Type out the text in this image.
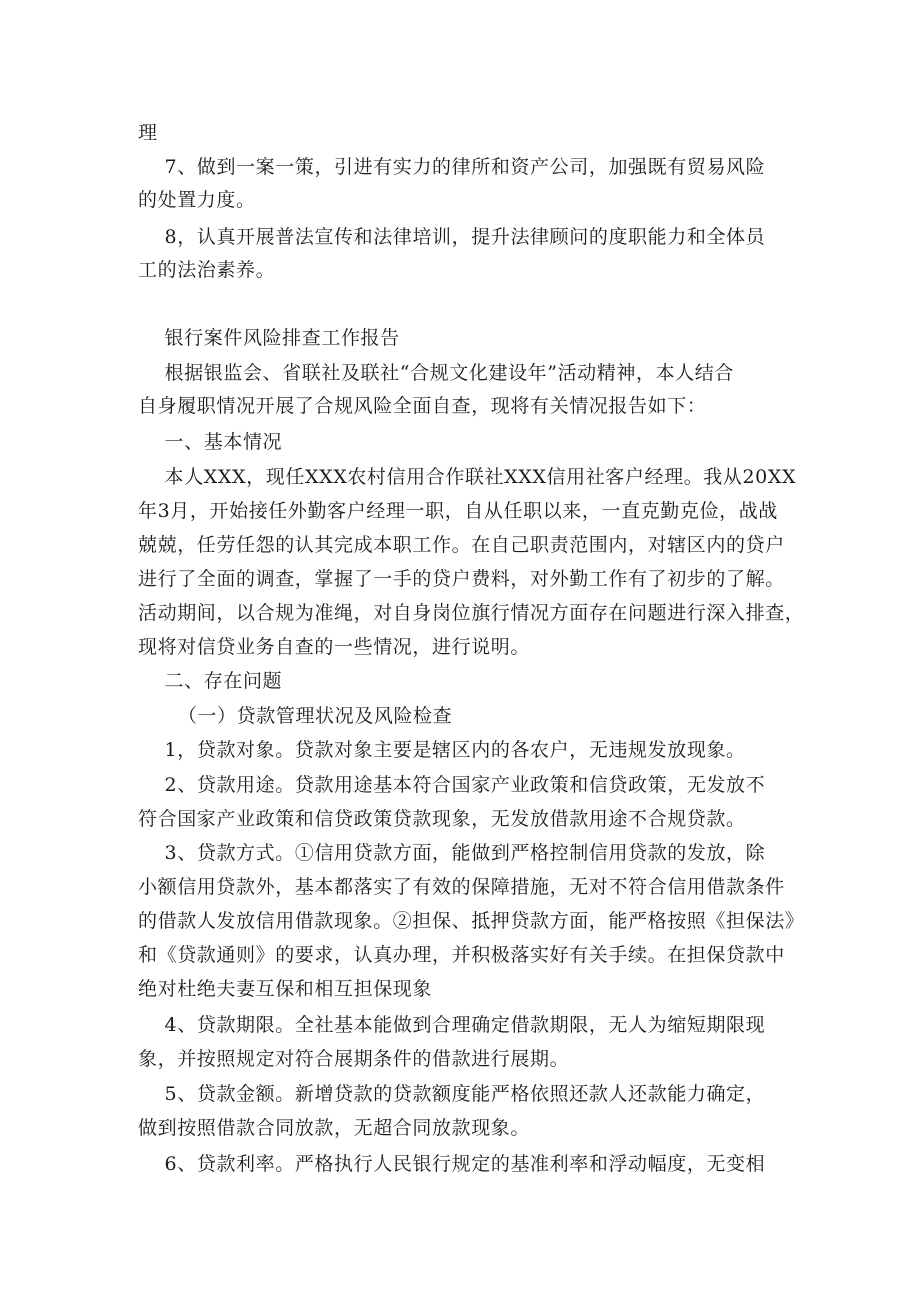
理
7、做到一案一策，引进有实力的律所和资产公司，加强既有贸易风险
的处置力度。
8，认真开展普法宣传和法律培训，提升法律顾问的度职能力和全体员
工的法治素养。
银行案件风险排查工作报告
根据银监会、省联社及联社“合规文化建设年”活动精神，本人结合
自身履职情况开展了合规风险全面自查，现将有关情况报告如下：
一、基本情况
本人XXX，现任XXX农村信用合作联社XXX信用社客户经理。我从20XX
年3月，开始接任外勤客户经理一职，自从任职以来，一直克勤克俭，战战
兢兢，任劳任怨的认其完成本职工作。在自己职责范围内，对辖区内的贷户
进行了全面的调查，掌握了一手的贷户费料，对外勤工作有了初步的了解。
活动期间，以合规为准绳，对自身岗位旗行情况方面存在问题进行深入排查，
现将对信贷业务自查的一些情况，进行说明。
二、存在问题
（一）贷款管理状况及风险检查
1，贷款对象。贷款对象主要是辖区内的各农户，无违规发放现象。
2、贷款用途。贷款用途基本符合国家产业政策和信贷政策，无发放不
符合国家产业政策和信贷政策贷款现象，无发放借款用途不合规贷款。
3、贷款方式。①信用贷款方面，能做到严格控制信用贷款的发放，除
小额信用贷款外，基本都落实了有效的保障措施，无对不符合信用借款条件
的借款人发放信用借款现象。②担保、抵押贷款方面，能严格按照《担保法》
和《贷款通则》的要求，认真办理，并积极落实好有关手续。在担保贷款中
绝对杜绝夫妻互保和相互担保现象
4、贷款期限。全社基本能做到合理确定借款期限，无人为缩短期限现
象，并按照规定对符合展期条件的借款进行展期。
5、贷款金额。新增贷款的贷款额度能严格依照还款人还款能力确定，
做到按照借款合同放款，无超合同放款现象。
6、贷款利率。严格执行人民银行规定的基准利率和浮动幅度，无变相
